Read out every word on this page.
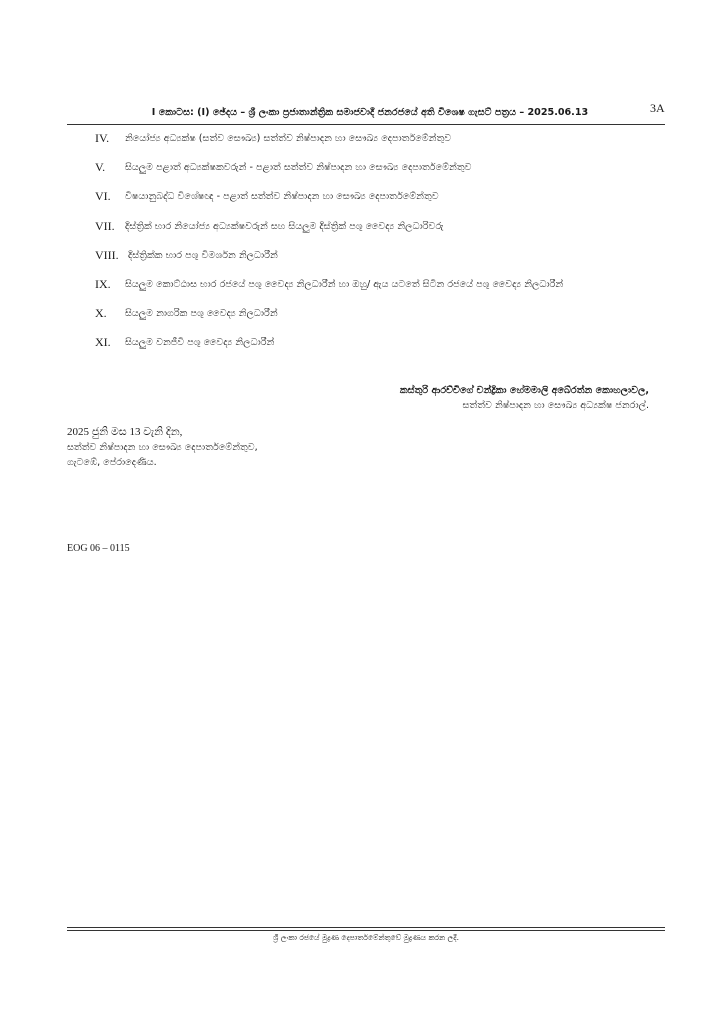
3A
I කොටස: (I) ඡේදය – ශ්‍රී ලංකා ප්‍රජාතාන්ත්‍රික සමාජවාදී ජනරජයේ අති විශෙෂ ගැසට් පත්‍රය – 2025.06.13
IV.	නියෝජ්‍ය අධ්‍යක්ෂ (සත්ව සෞඛ්‍ය) සත්ත්ව නිෂ්පාදන හා සෞඛ්‍ය දෙපාර්තමේන්තුව
V.	සියලුම පළාත් අධ්‍යක්ෂකවරුන් - පළාත් සත්ත්ව නිෂ්පාදන හා සෞඛ්‍ය දෙපාර්තමේන්තුව
VI.	විෂයානුබද්ධ විශේෂඥ - පළාත් සත්ත්ව නිෂ්පාදන හා සෞඛ්‍ය දෙපාර්තමේන්තුව
VII.	දිස්ත්‍රික් භාර නියෝජ්‍ය අධ්‍යක්ෂවරුන් සහ සියලුම දිස්ත්‍රික් පශු වෛද්‍ය නිලධාරිවරු
VIII. දිස්ත්‍රික්ක භාර පශු විමර්ශන නිලධාරීන්
IX.	සියලුම කොට්ඨාස භාර රජයේ පශු වෛද්‍ය නිලධාරීන් හා ඔහු/ ඇය යටතේ සිටින රජයේ පශු වෛද්‍ය නිලධාරීන්
X.	සියලුම නාගරික පශු වෛද්‍ය නිලධාරීන්
XI.	සියලුම වනජීවී පශු වෛද්‍ය නිලධාරීන්
කස්තුරි ආරච්චිගේ චන්ද්‍රිකා හේමමාලි අබේරත්න කොහලාවල,
සත්ත්ව නිෂ්පාදන හා සෞඛ්‍ය අධ්‍යක්ෂ ජනරාල්.
2025 ජුනි මස 13 වැනි දින,
සත්ත්ව නිෂ්පාදන හා සෞඛ්‍ය දෙපාර්තමේන්තුව,
ගැටඹේ, පේරාදෙණිය.
EOG 06 – 0115
ශ්‍රී ලංකා රජයේ මුද්‍රණ දෙපාර්තමේන්තුවේ මුද්‍රණය කරන ලදී.
